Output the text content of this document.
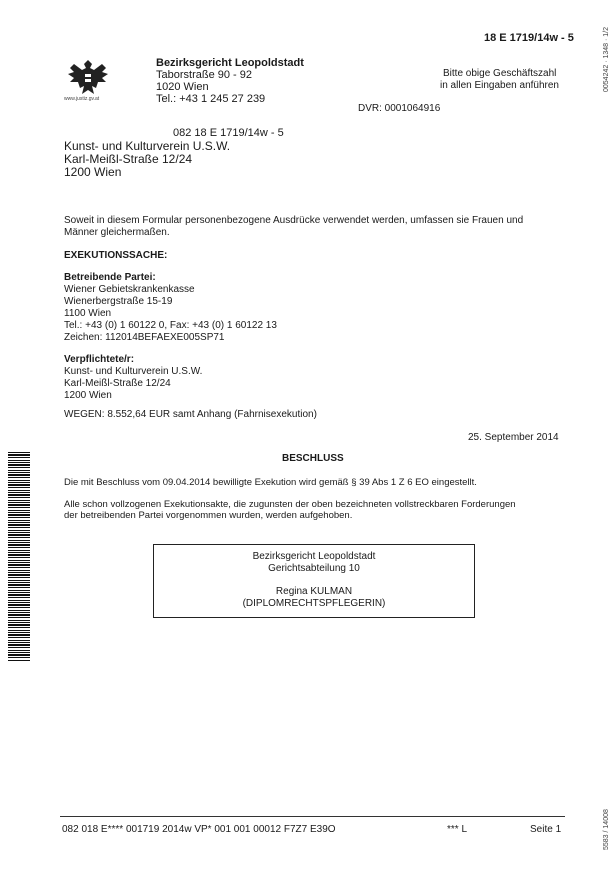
0054242 · 1348 · 1/2
5583 / 14008
18 E 1719/14w - 5
www.justiz.gv.at
Bezirksgericht Leopoldstadt
Taborstraße 90 - 92
1020 Wien
Tel.: +43 1 245 27 239
Bitte obige Geschäftszahl
in allen Eingaben anführen
DVR: 0001064916
082 18 E 1719/14w - 5
Kunst- und Kulturverein U.S.W.
Karl-Meißl-Straße 12/24
1200 Wien
Soweit in diesem Formular personenbezogene Ausdrücke verwendet werden, umfassen sie Frauen und
Männer gleichermaßen.
EXEKUTIONSSACHE:
Betreibende Partei:
Wiener Gebietskrankenkasse
Wienerbergstraße 15-19
1100 Wien
Tel.: +43 (0) 1 60122 0, Fax: +43 (0) 1 60122 13
Zeichen: 112014BEFAEXE005SP71
Verpflichtete/r:
Kunst- und Kulturverein U.S.W.
Karl-Meißl-Straße 12/24
1200 Wien
WEGEN: 8.552,64 EUR samt Anhang (Fahrnisexekution)
25. September 2014
BESCHLUSS
Die mit Beschluss vom 09.04.2014 bewilligte Exekution wird gemäß § 39 Abs 1 Z 6 EO eingestellt.
Alle schon vollzogenen Exekutionsakte, die zugunsten der oben bezeichneten vollstreckbaren Forderungen
der betreibenden Partei vorgenommen wurden, werden aufgehoben.
Bezirksgericht Leopoldstadt
Gerichtsabteilung 10
Regina KULMAN
(DIPLOMRECHTSPFLEGERIN)
082 018 E**** 001719 2014w VP* 001 001 00012 F7Z7 E39O	*** L	Seite 1
